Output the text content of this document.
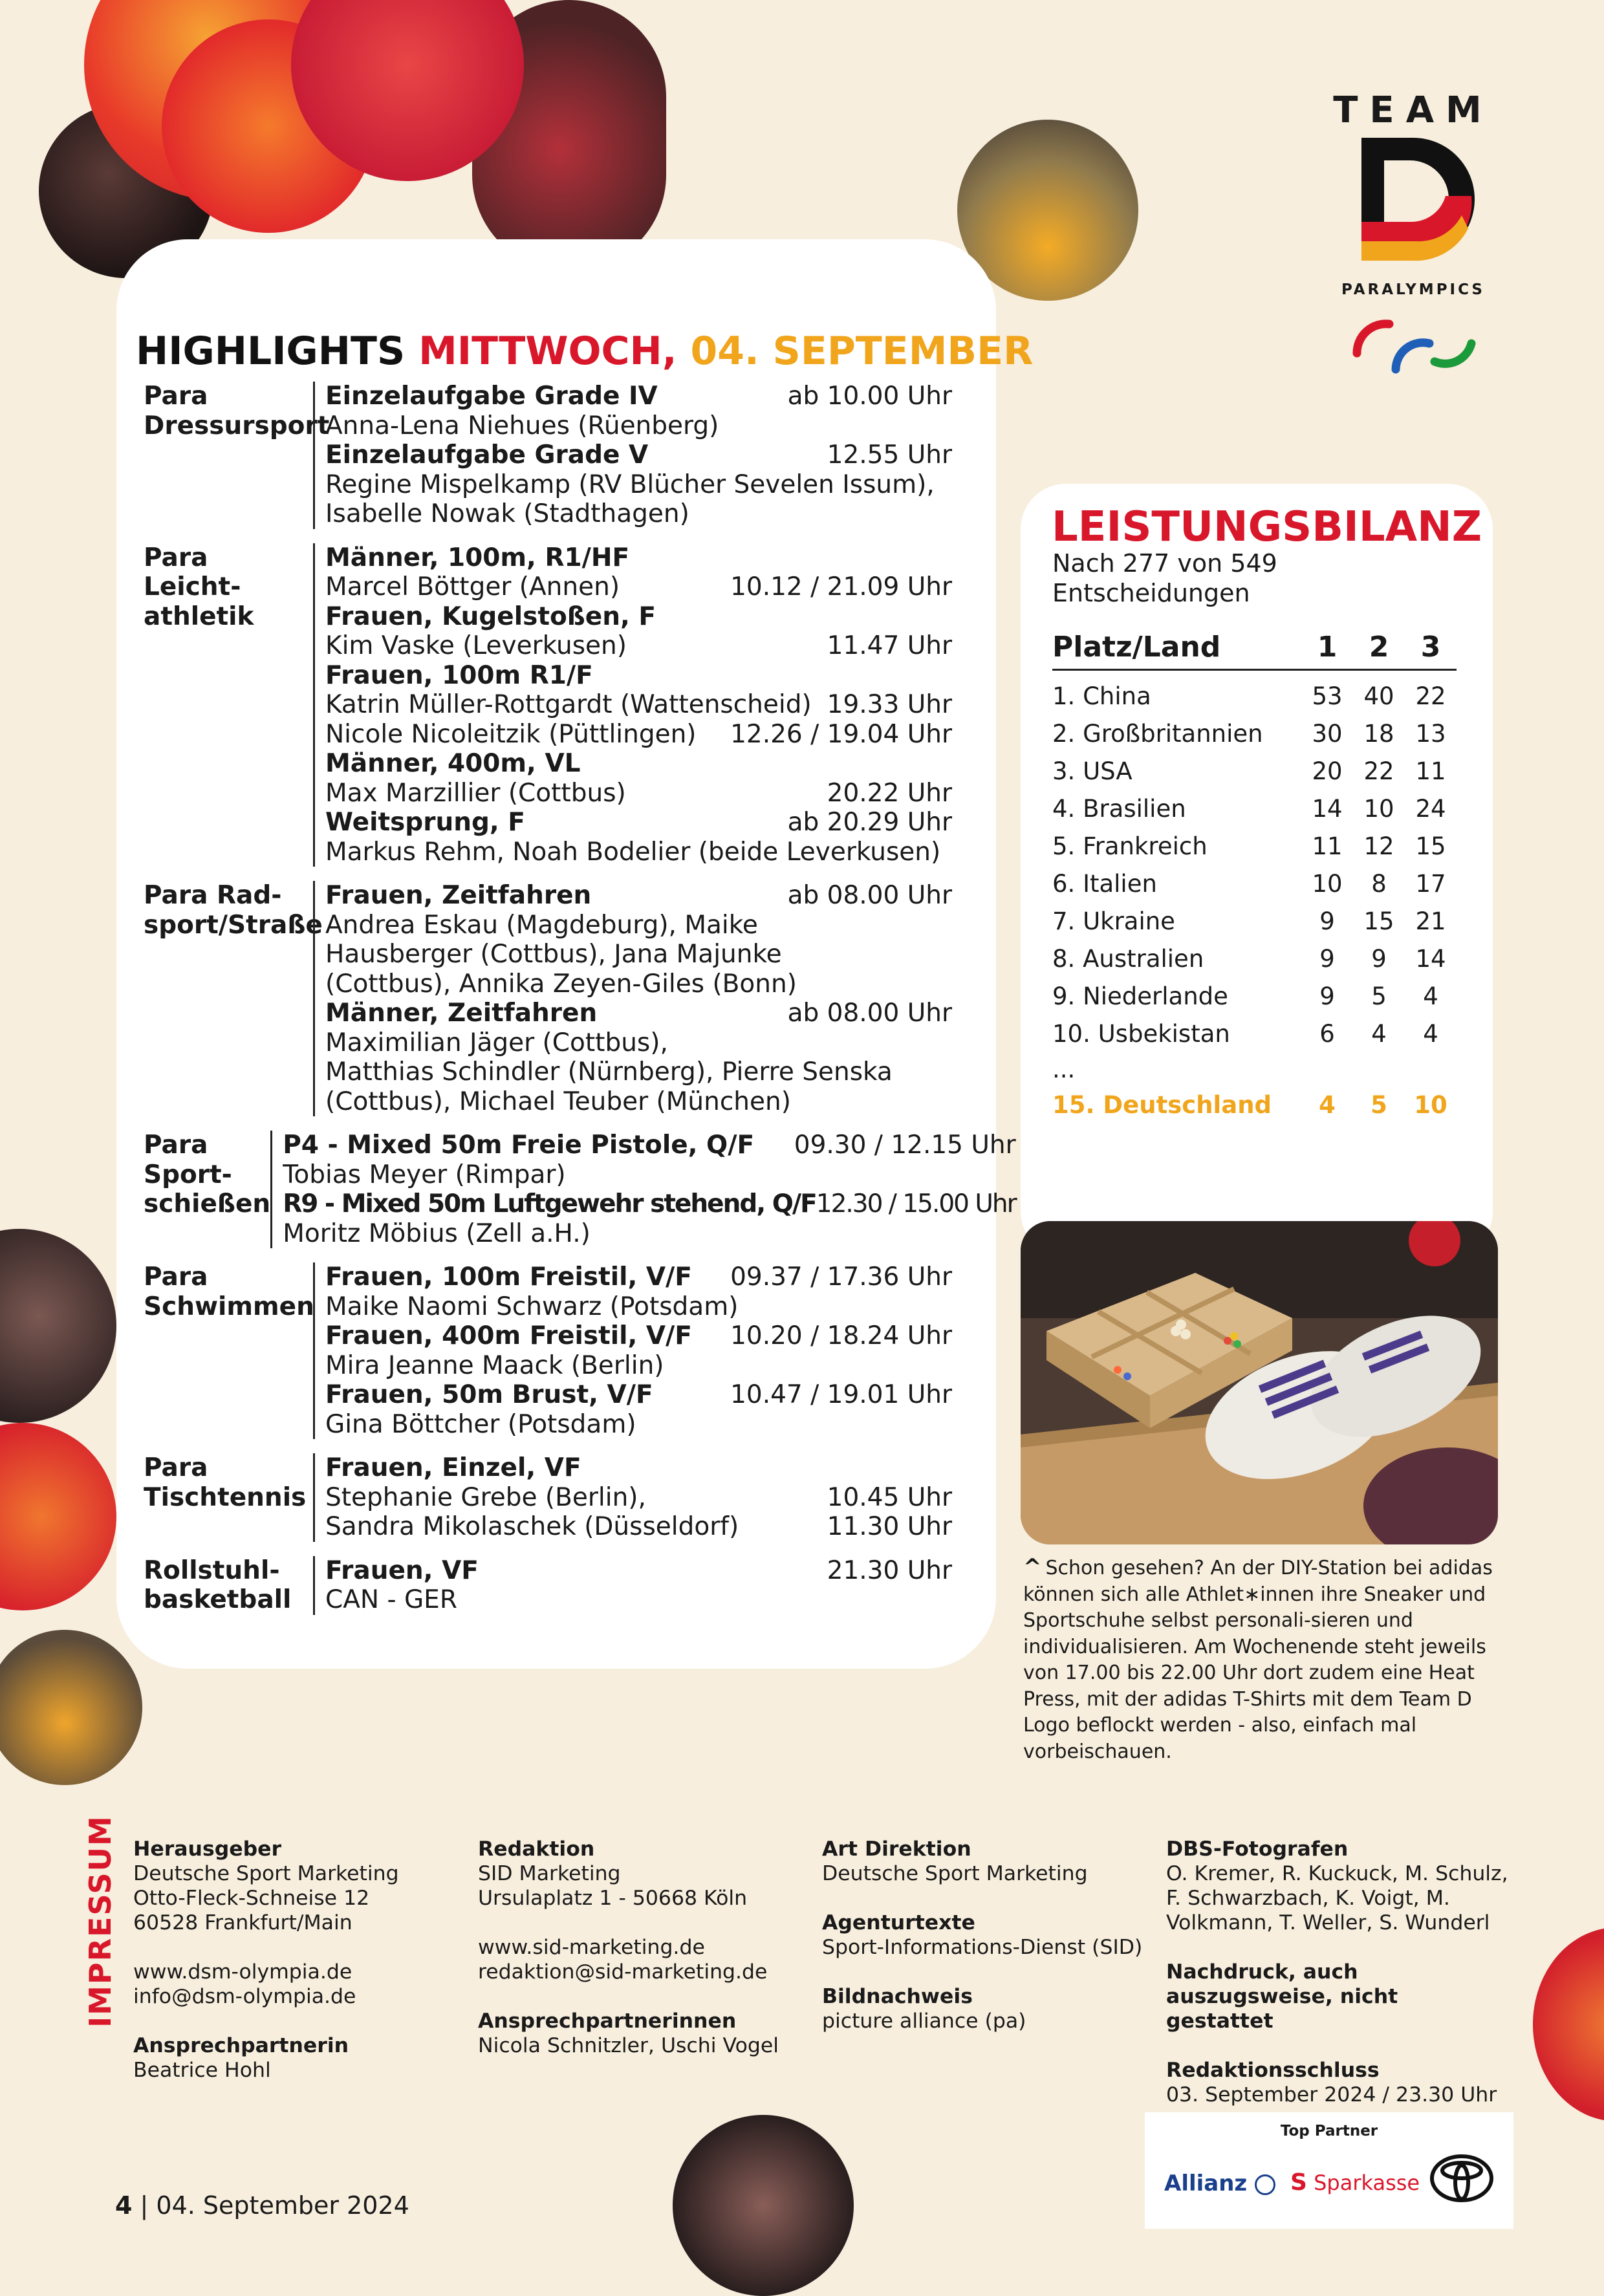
HIGHLIGHTS MITTWOCH, 04. SEPTEMBER
Para
Dressursport
Einzelaufgabe Grade IV	ab 10.00 Uhr
Anna-Lena Niehues (Rüenberg)
Einzelaufgabe Grade V	12.55 Uhr
Regine Mispelkamp (RV Blücher Sevelen Issum),
Isabelle Nowak (Stadthagen)
Para Leicht-
athletik
Männer, 100m, R1/HF
Marcel Böttger (Annen)	10.12 / 21.09 Uhr
Frauen, Kugelstoßen, F
Kim Vaske (Leverkusen)	11.47 Uhr
Frauen, 100m R1/F
Katrin Müller-Rottgardt (Wattenscheid) 19.33 Uhr
Nicole Nicoleitzik (Püttlingen) 12.26 / 19.04 Uhr
Männer, 400m, VL
Max Marzillier (Cottbus)	20.22 Uhr
Weitsprung, F	ab 20.29 Uhr
Markus Rehm, Noah Bodelier (beide Leverkusen)
Para Rad-
sport/Straße
Frauen, Zeitfahren	ab 08.00 Uhr
Andrea Eskau (Magdeburg), Maike
Hausberger (Cottbus), Jana Majunke
(Cottbus), Annika Zeyen-Giles (Bonn)
Männer, Zeitfahren	ab 08.00 Uhr
Maximilian Jäger (Cottbus),
Matthias Schindler (Nürnberg), Pierre Senska
(Cottbus), Michael Teuber (München)
Para Sport-
schießen
P4 - Mixed 50m Freie Pistole, Q/F 09.30 / 12.15 Uhr
Tobias Meyer (Rimpar)
R9 - Mixed 50m Luftgewehr stehend, Q/F 12.30 / 15.00 Uhr
Moritz Möbius (Zell a.H.)
Para
Schwimmen
Frauen, 100m Freistil, V/F 09.37 / 17.36 Uhr
Maike Naomi Schwarz (Potsdam)
Frauen, 400m Freistil, V/F 10.20 / 18.24 Uhr
Mira Jeanne Maack (Berlin)
Frauen, 50m Brust, V/F	10.47 / 19.01 Uhr
Gina Böttcher (Potsdam)
Para
Tischtennis
Frauen, Einzel, VF
Stephanie Grebe (Berlin),	10.45 Uhr
Sandra Mikolaschek (Düsseldorf)	11.30 Uhr
Rollstuhl-
basketball
Frauen, VF	21.30 Uhr
CAN - GER
LEISTUNGSBILANZ
Nach 277 von 549 Entscheidungen
Platz/Land	1	2	3
1. China	53	40	22
2. Großbritannien	30	18	13
3. USA	20	22	11
4. Brasilien	14	10	24
5. Frankreich	11	12	15
6. Italien	10	8	17
7. Ukraine	9	15	21
8. Australien	9	9	14
9. Niederlande	9	5	4
10. Usbekistan	6	4	4
...			
15. Deutschland	4	5	10
^ Schon gesehen? An der DIY-Station bei adidas können sich alle Athlet∗innen ihre Sneaker und Sportschuhe selbst personali-sieren und individualisieren. Am Wochenende steht jeweils von 17.00 bis 22.00 Uhr dort zudem eine Heat Press, mit der adidas T-Shirts mit dem Team D Logo beflockt werden - also, einfach mal vorbeischauen.
TEAM
PARALYMPICS
IMPRESSUM Herausgeber
Deutsche Sport Marketing
Otto-Fleck-Schneise 12
60528 Frankfurt/Main
www.dsm-olympia.de
info@dsm-olympia.de
Ansprechpartnerin
Beatrice Hohl
Redaktion
SID Marketing
Ursulaplatz 1 - 50668 Köln
www.sid-marketing.de
redaktion@sid-marketing.de
Ansprechpartnerinnen
Nicola Schnitzler, Uschi Vogel
Art Direktion
Deutsche Sport Marketing
Agenturtexte
Sport-Informations-Dienst (SID)
Bildnachweis
picture alliance (pa)
DBS-Fotografen
O. Kremer, R. Kuckuck, M. Schulz,
F. Schwarzbach, K. Voigt, M.
Volkmann, T. Weller, S. Wunderl
Nachdruck, auch
auszugsweise, nicht gestattet
Redaktionsschluss
03. September 2024 / 23.30 Uhr
Top Partner
Allianz	S Sparkasse
4 | 04. September 2024
